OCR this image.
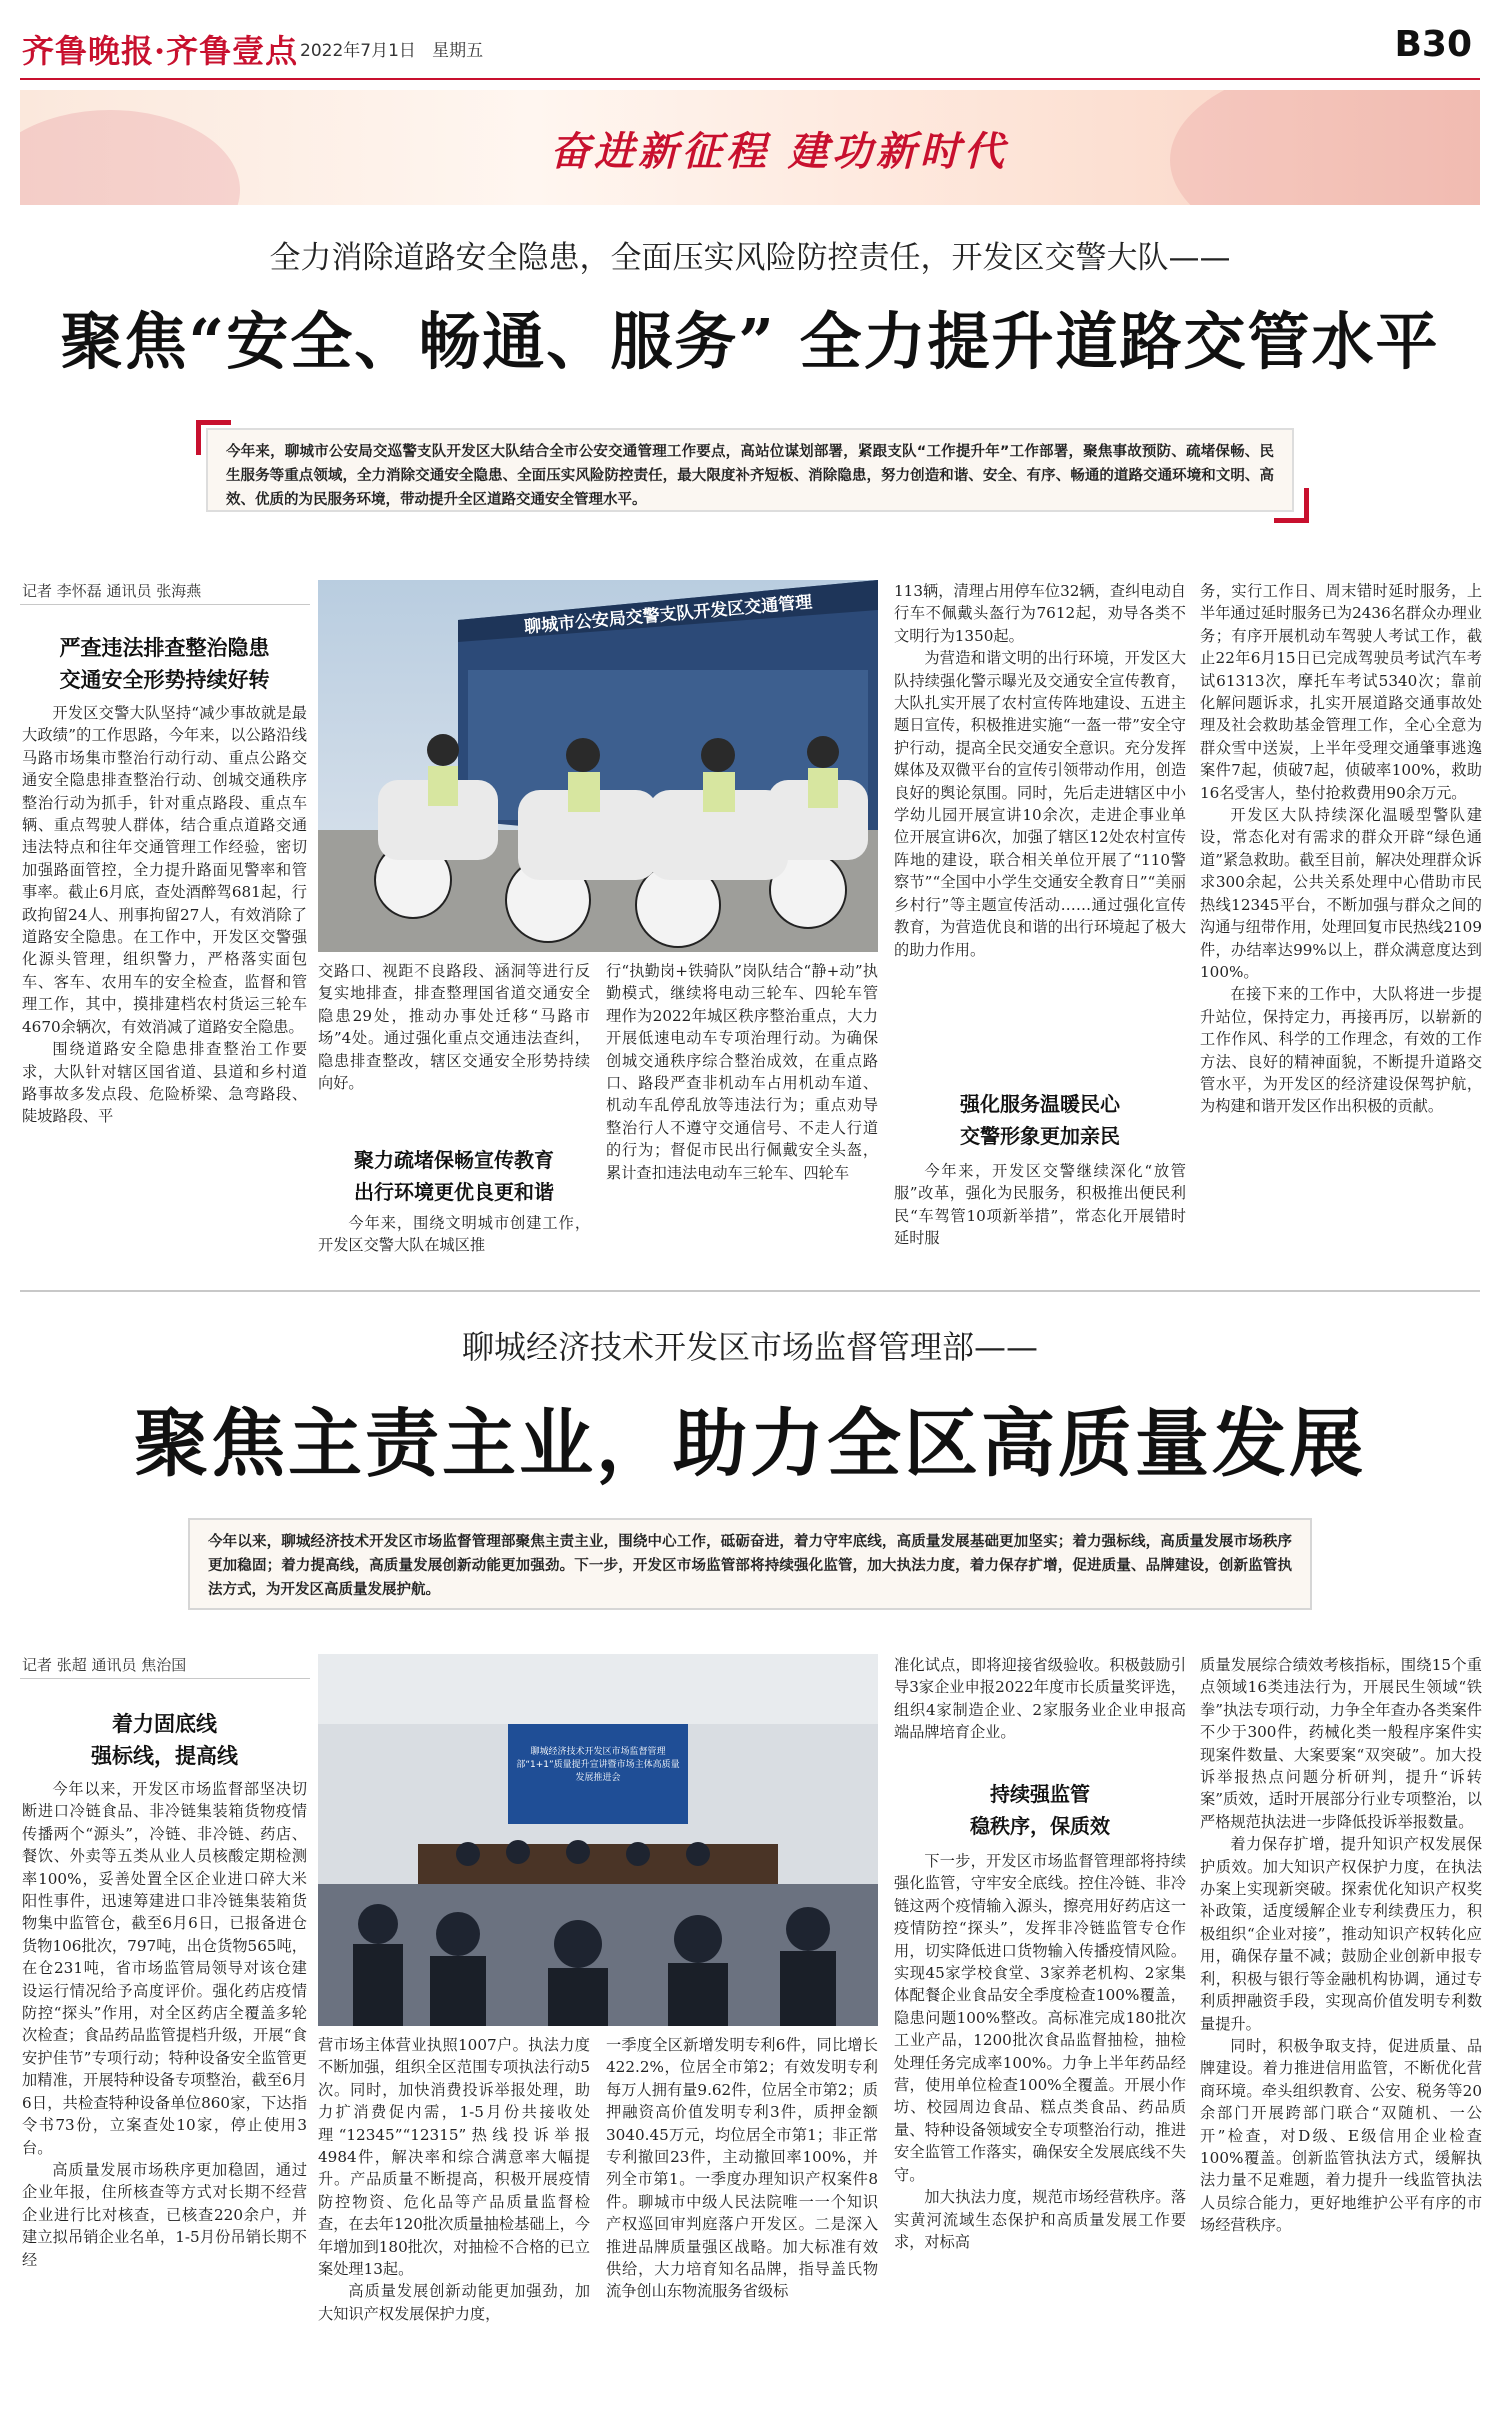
齐鲁晚报·齐鲁壹点 2022年7月1日 星期五	B30
奋进新征程 建功新时代
全力消除道路安全隐患，全面压实风险防控责任，开发区交警大队——
聚焦“安全、畅通、服务” 全力提升道路交管水平
今年来，聊城市公安局交巡警支队开发区大队结合全市公安交通管理工作要点，高站位谋划部署，紧跟支队“工作提升年”工作部署，聚焦事故预防、疏堵保畅、民生服务等重点领域，全力消除交通安全隐患、全面压实风险防控责任，最大限度补齐短板、消除隐患，努力创造和谐、安全、有序、畅通的道路交通环境和文明、高效、优质的为民服务环境，带动提升全区道路交通安全管理水平。
记者 李怀磊 通讯员 张海燕
严查违法排查整治隐患
交通安全形势持续好转

开发区交警大队坚持“减少事故就是最大政绩”的工作思路，今年来，以公路沿线马路市场集市整治行动行动、重点公路交通安全隐患排查整治行动、创城交通秩序整治行动为抓手，针对重点路段、重点车辆、重点驾驶人群体，结合重点道路交通违法特点和往年交通管理工作经验，密切加强路面管控，全力提升路面见警率和管事率。截止6月底，查处酒醉驾681起，行政拘留24人、刑事拘留27人，有效消除了道路安全隐患。在工作中，开发区交警强化源头管理，组织警力，严格落实面包车、客车、农用车的安全检查，监督和管理工作，其中，摸排建档农村货运三轮车4670余辆次，有效消减了道路安全隐患。

围绕道路安全隐患排查整治工作要求，大队针对辖区国省道、县道和乡村道路事故多发点段、危险桥梁、急弯路段、陡坡路段、平

聊城市公安局交警支队开发区交通管理

交路口、视距不良路段、涵洞等进行反复实地排查，排查整理国省道交通安全隐患29处，推动办事处迁移“马路市场”4处。通过强化重点交通违法查纠，隐患排查整改，辖区交通安全形势持续向好。

聚力疏堵保畅宣传教育
出行环境更优良更和谐

今年来，围绕文明城市创建工作，开发区交警大队在城区推

行“执勤岗+铁骑队”岗队结合“静+动”执勤模式，继续将电动三轮车、四轮车管理作为2022年城区秩序整治重点，大力开展低速电动车专项治理行动。为确保创城交通秩序综合整治成效，在重点路口、路段严查非机动车占用机动车道、机动车乱停乱放等违法行为；重点劝导整治行人不遵守交通信号、不走人行道的行为；督促市民出行佩戴安全头盔，累计查扣违法电动车三轮车、四轮车

113辆，清理占用停车位32辆，查纠电动自行车不佩戴头盔行为7612起，劝导各类不文明行为1350起。

为营造和谐文明的出行环境，开发区大队持续强化警示曝光及交通安全宣传教育，大队扎实开展了农村宣传阵地建设、五进主题日宣传，积极推进实施“一盔一带”安全守护行动，提高全民交通安全意识。充分发挥媒体及双微平台的宣传引领带动作用，创造良好的舆论氛围。同时，先后走进辖区中小学幼儿园开展宣讲10余次，走进企事业单位开展宣讲6次，加强了辖区12处农村宣传阵地的建设，联合相关单位开展了“110警察节”“全国中小学生交通安全教育日”“美丽乡村行”等主题宣传活动……通过强化宣传教育，为营造优良和谐的出行环境起了极大的助力作用。

强化服务温暖民心
交警形象更加亲民

今年来，开发区交警继续深化“放管服”改革，强化为民服务，积极推出便民利民“车驾管10项新举措”，常态化开展错时延时服

务，实行工作日、周末错时延时服务，上半年通过延时服务已为2436名群众办理业务；有序开展机动车驾驶人考试工作，截止22年6月15日已完成驾驶员考试汽车考试61313次，摩托车考试5340次；靠前化解问题诉求，扎实开展道路交通事故处理及社会救助基金管理工作，全心全意为群众雪中送炭，上半年受理交通肇事逃逸案件7起，侦破7起，侦破率100%，救助16名受害人，垫付抢救费用90余万元。

开发区大队持续深化温暖型警队建设，常态化对有需求的群众开辟“绿色通道”紧急救助。截至目前，解决处理群众诉求300余起，公共关系处理中心借助市民热线12345平台，不断加强与群众之间的沟通与纽带作用，处理回复市民热线2109件，办结率达99%以上，群众满意度达到100%。

在接下来的工作中，大队将进一步提升站位，保持定力，再接再厉，以崭新的工作作风、科学的工作理念，有效的工作方法、良好的精神面貌，不断提升道路交管水平，为开发区的经济建设保驾护航，为构建和谐开发区作出积极的贡献。

聊城经济技术开发区市场监督管理部——
聚焦主责主业，助力全区高质量发展
今年以来，聊城经济技术开发区市场监督管理部聚焦主责主业，围绕中心工作，砥砺奋进，着力守牢底线，高质量发展基础更加坚实；着力强标线，高质量发展市场秩序更加稳固；着力提高线，高质量发展创新动能更加强劲。下一步，开发区市场监管部将持续强化监管，加大执法力度，着力保存扩增，促进质量、品牌建设，创新监管执法方式，为开发区高质量发展护航。
记者 张超 通讯员 焦治国
着力固底线
强标线，提高线

今年以来，开发区市场监督部坚决切断进口冷链食品、非冷链集装箱货物疫情传播两个“源头”，冷链、非冷链、药店、餐饮、外卖等五类从业人员核酸定期检测率100%，妥善处置全区企业进口碎大米阳性事件，迅速筹建进口非冷链集装箱货物集中监管仓，截至6月6日，已报备进仓货物106批次，797吨，出仓货物565吨，在仓231吨，省市场监管局领导对该仓建设运行情况给予高度评价。强化药店疫情防控“探头”作用，对全区药店全覆盖多轮次检查；食品药品监管提档升级，开展“食安护佳节”专项行动；特种设备安全监管更加精准，开展特种设备专项整治，截至6月6日，共检查特种设备单位860家，下达指令书73份，立案查处10家，停止使用3台。

高质量发展市场秩序更加稳固，通过企业年报，住所核查等方式对长期不经营企业进行比对核查，已核查220余户，并建立拟吊销企业名单，1-5月份吊销长期不经

聊城经济技术开发区市场监督管理部“1+1”质量提升宣讲暨市场主体高质量发展推进会

营市场主体营业执照1007户。执法力度不断加强，组织全区范围专项执法行动5次。同时，加快消费投诉举报处理，助力扩消费促内需，1-5月份共接收处理“12345”“12315”热线投诉举报4984件，解决率和综合满意率大幅提升。产品质量不断提高，积极开展疫情防控物资、危化品等产品质量监督检查，在去年120批次质量抽检基础上，今年增加到180批次，对抽检不合格的已立案处理13起。

高质量发展创新动能更加强劲，加大知识产权发展保护力度，

一季度全区新增发明专利6件，同比增长422.2%，位居全市第2；有效发明专利每万人拥有量9.62件，位居全市第2；质押融资高价值发明专利3件，质押金额3040.45万元，均位居全市第1；非正常专利撤回23件，主动撤回率100%，并列全市第1。一季度办理知识产权案件8件。聊城市中级人民法院唯一一个知识产权巡回审判庭落户开发区。二是深入推进品牌质量强区战略。加大标准有效供给，大力培育知名品牌，指导盖氏物流争创山东物流服务省级标

准化试点，即将迎接省级验收。积极鼓励引导3家企业申报2022年度市长质量奖评选，组织4家制造企业、2家服务业企业申报高端品牌培育企业。

持续强监管
稳秩序，保质效

下一步，开发区市场监督管理部将持续强化监管，守牢安全底线。控住冷链、非冷链这两个疫情输入源头，擦亮用好药店这一疫情防控“探头”，发挥非冷链监管专仓作用，切实降低进口货物输入传播疫情风险。实现45家学校食堂、3家养老机构、2家集体配餐企业食品安全季度检查100%覆盖，隐患问题100%整改。高标准完成180批次工业产品，1200批次食品监督抽检，抽检处理任务完成率100%。力争上半年药品经营，使用单位检查100%全覆盖。开展小作坊、校园周边食品、糕点类食品、药品质量、特种设备领域安全专项整治行动，推进安全监管工作落实，确保安全发展底线不失守。

加大执法力度，规范市场经营秩序。落实黄河流域生态保护和高质量发展工作要求，对标高

质量发展综合绩效考核指标，围绕15个重点领域16类违法行为，开展民生领域“铁拳”执法专项行动，力争全年查办各类案件不少于300件，药械化类一般程序案件实现案件数量、大案要案“双突破”。加大投诉举报热点问题分析研判，提升“诉转案”质效，适时开展部分行业专项整治，以严格规范执法进一步降低投诉举报数量。

着力保存扩增，提升知识产权发展保护质效。加大知识产权保护力度，在执法办案上实现新突破。探索优化知识产权奖补政策，适度缓解企业专利续费压力，积极组织“企业对接”，推动知识产权转化应用，确保存量不减；鼓励企业创新申报专利，积极与银行等金融机构协调，通过专利质押融资手段，实现高价值发明专利数量提升。

同时，积极争取支持，促进质量、品牌建设。着力推进信用监管，不断优化营商环境。牵头组织教育、公安、税务等20余部门开展跨部门联合“双随机、一公开”检查，对D级、E级信用企业检查100%覆盖。创新监管执法方式，缓解执法力量不足难题，着力提升一线监管执法人员综合能力，更好地维护公平有序的市场经营秩序。
